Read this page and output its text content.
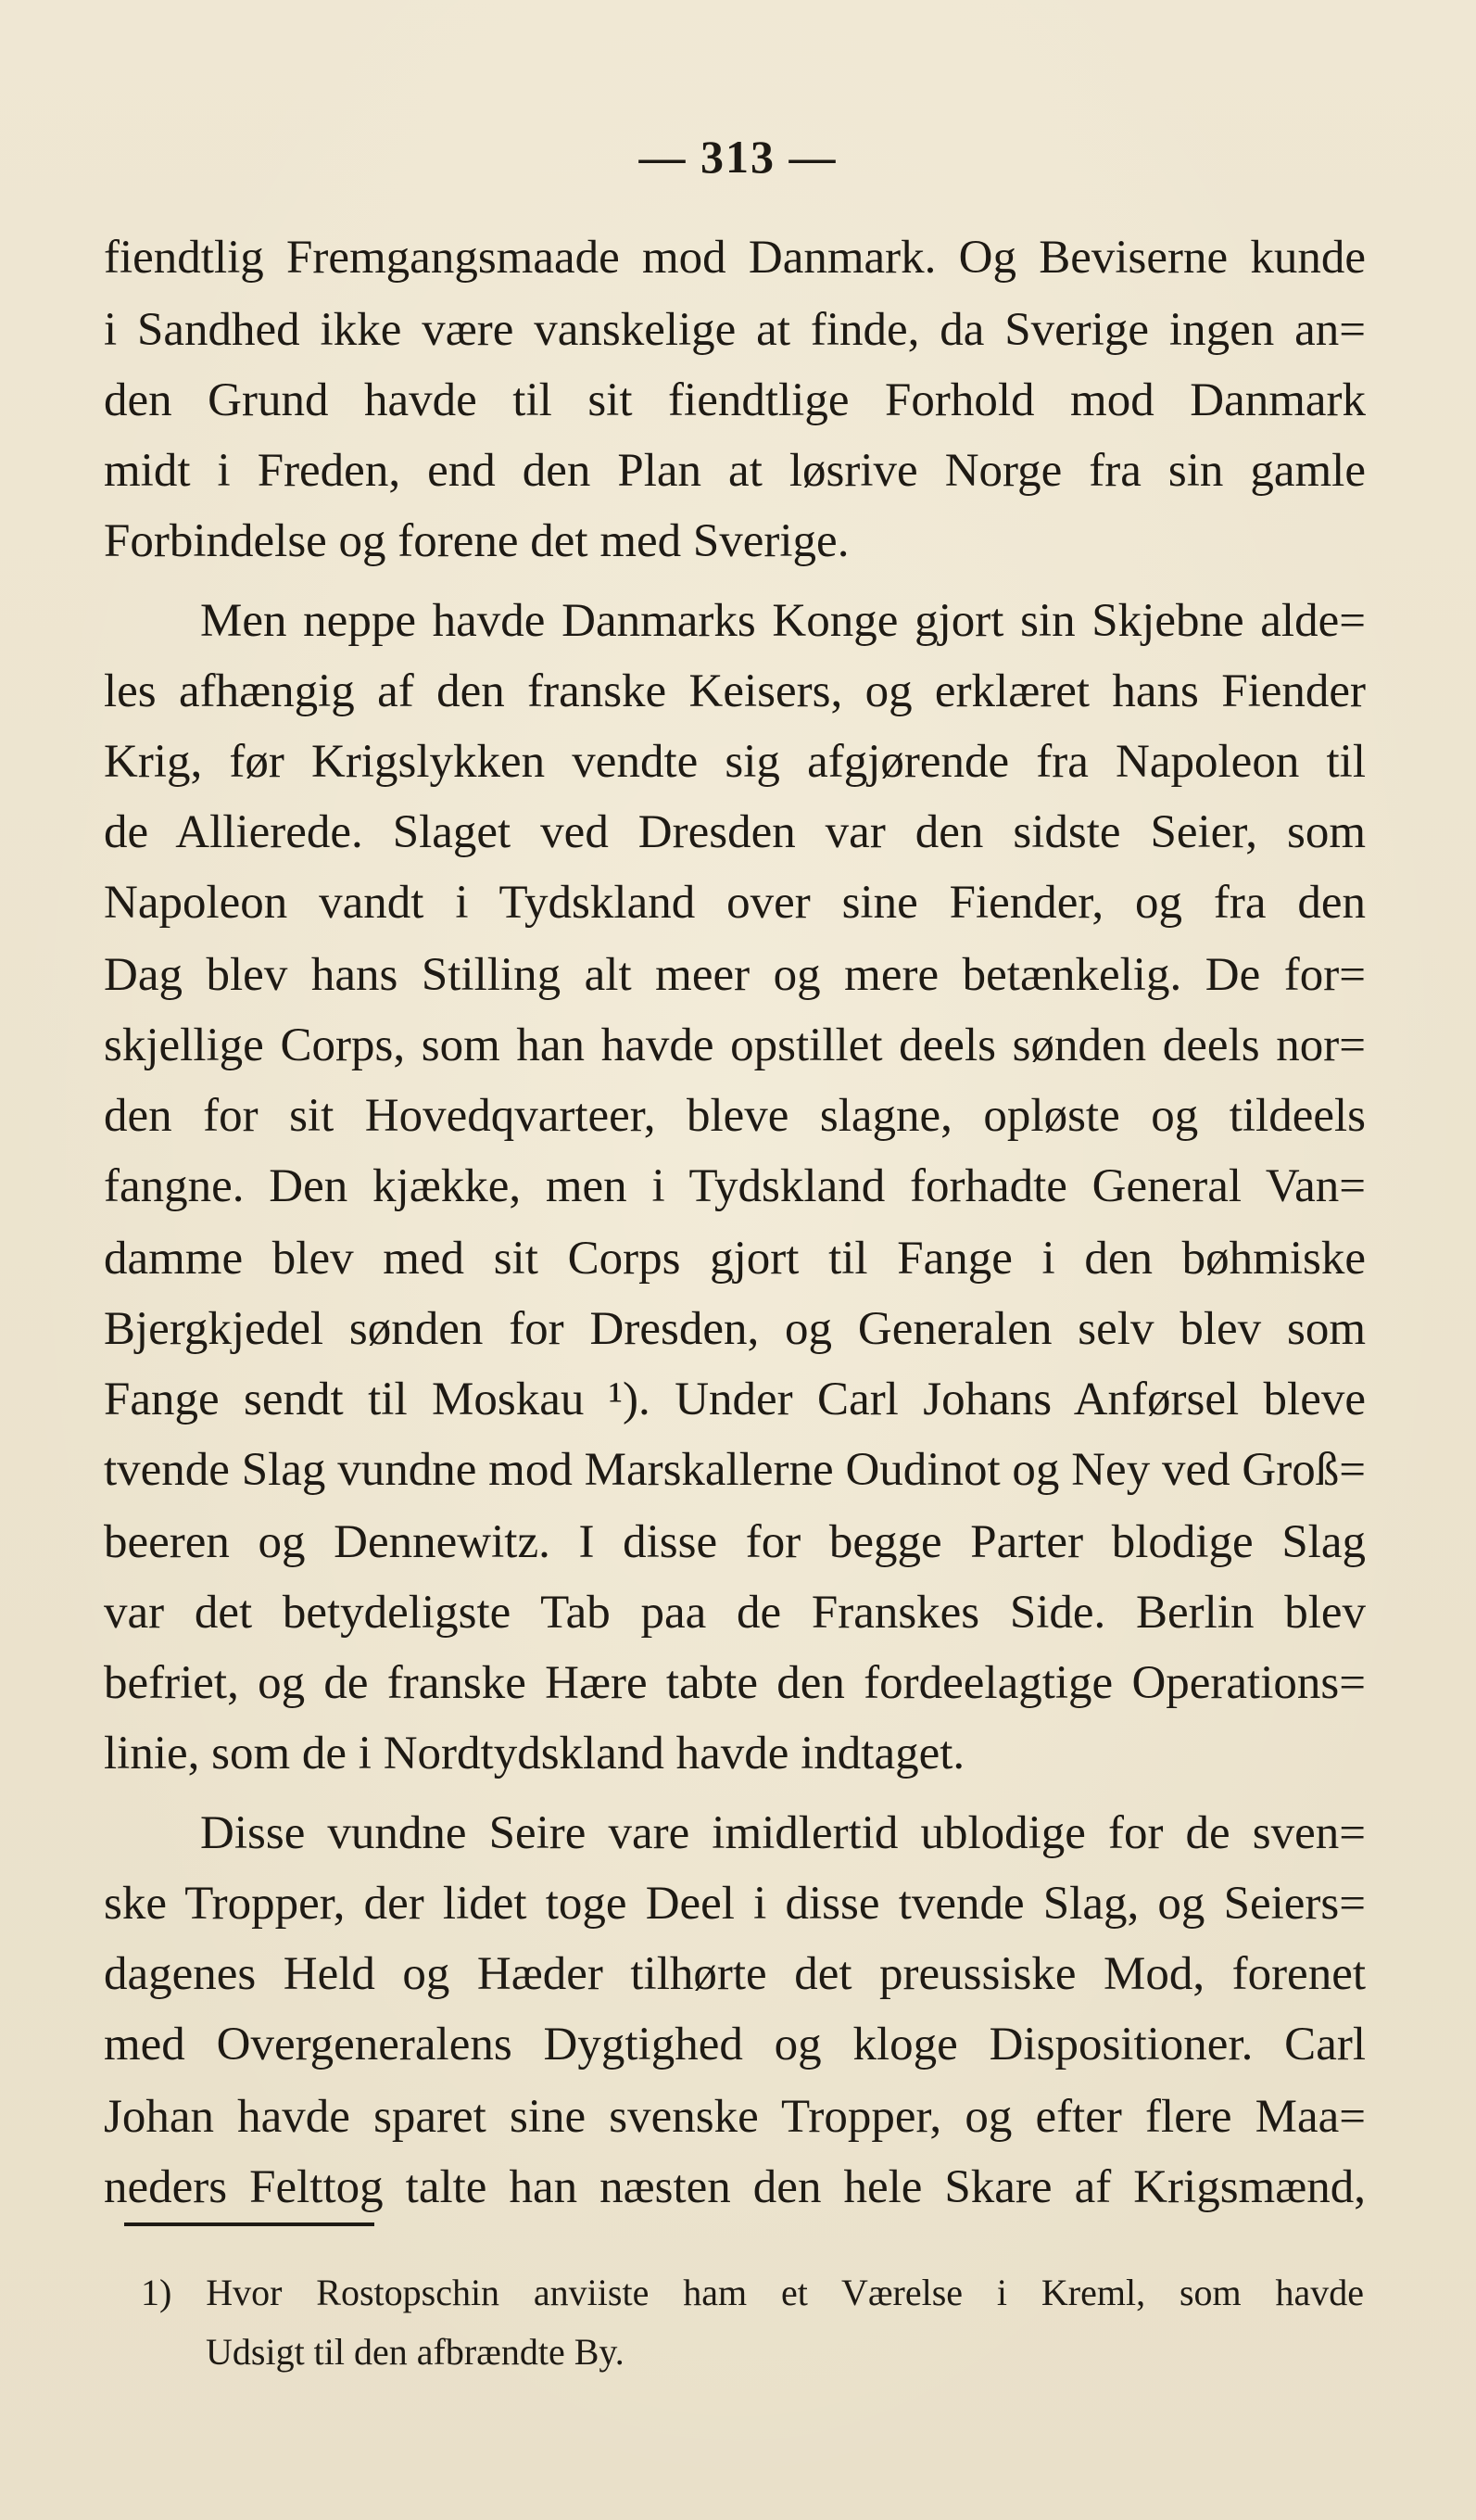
— 313 —
fiendtlig Fremgangsmaade mod Danmark. Og Beviserne kunde
i Sandhed ikke være vanskelige at finde, da Sverige ingen an=
den Grund havde til sit fiendtlige Forhold mod Danmark
midt i Freden, end den Plan at løsrive Norge fra sin gamle
Forbindelse og forene det med Sverige.
Men neppe havde Danmarks Konge gjort sin Skjebne alde=
les afhængig af den franske Keisers, og erklæret hans Fiender
Krig, før Krigslykken vendte sig afgjørende fra Napoleon til
de Allierede. Slaget ved Dresden var den sidste Seier, som
Napoleon vandt i Tydskland over sine Fiender, og fra den
Dag blev hans Stilling alt meer og mere betænkelig. De for=
skjellige Corps, som han havde opstillet deels sønden deels nor=
den for sit Hovedqvarteer, bleve slagne, opløste og tildeels
fangne. Den kjække, men i Tydskland forhadte General Van=
damme blev med sit Corps gjort til Fange i den bøhmiske
Bjergkjedel sønden for Dresden, og Generalen selv blev som
Fange sendt til Moskau ¹). Under Carl Johans Anførsel bleve
tvende Slag vundne mod Marskallerne Oudinot og Ney ved Groß=
beeren og Dennewitz. I disse for begge Parter blodige Slag
var det betydeligste Tab paa de Franskes Side. Berlin blev
befriet, og de franske Hære tabte den fordeelagtige Operations=
linie, som de i Nordtydskland havde indtaget.
Disse vundne Seire vare imidlertid ublodige for de sven=
ske Tropper, der lidet toge Deel i disse tvende Slag, og Seiers=
dagenes Held og Hæder tilhørte det preussiske Mod, forenet
med Overgeneralens Dygtighed og kloge Dispositioner. Carl
Johan havde sparet sine svenske Tropper, og efter flere Maa=
neders Felttog talte han næsten den hele Skare af Krigsmænd,
1) Hvor Rostopschin anviiste ham et Værelse i Kreml, som havde
Udsigt til den afbrændte By.
